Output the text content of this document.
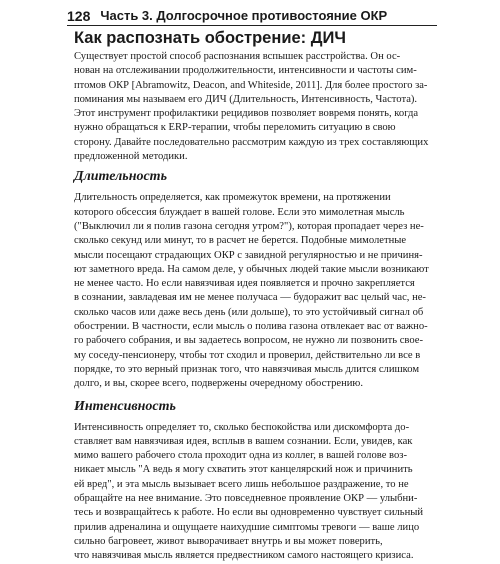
128 Часть 3. Долгосрочное противостояние ОКР
Как распознать обострение: ДИЧ

Существует простой способ распознания вспышек расстройства. Он ос-

нован на отслеживании продолжительности, интенсивности и частоты сим-

птомов ОКР [Abramowitz, Deacon, and Whiteside, 2011]. Для более простого за-

поминания мы называем его ДИЧ (Длительность, Интенсивность, Частота).

Этот инструмент профилактики рецидивов позволяет вовремя понять, когда

нужно обращаться к ERP-терапии, чтобы переломить ситуацию в свою

сторону. Давайте последовательно рассмотрим каждую из трех составляющих

предложенной методики.

Длительность

Длительность определяется, как промежуток времени, на протяжении

которого обсессия блуждает в вашей голове. Если это мимолетная мысль

("Выключил ли я полив газона сегодня утром?"), которая пропадает через не-

сколько секунд или минут, то в расчет не берется. Подобные мимолетные

мысли посещают страдающих ОКР с завидной регулярностью и не причиня-

ют заметного вреда. На самом деле, у обычных людей такие мысли возникают

не менее часто. Но если навязчивая идея появляется и прочно закрепляется

в сознании, завладевая им не менее получаса — будоражит вас целый час, не-

сколько часов или даже весь день (или дольше), то это устойчивый сигнал об

обострении. В частности, если мысль о полива газона отвлекает вас от важно-

го рабочего собрания, и вы задаетесь вопросом, не нужно ли позвонить свое-

му соседу-пенсионеру, чтобы тот сходил и проверил, действительно ли все в

порядке, то это верный признак того, что навязчивая мысль длится слишком

долго, и вы, скорее всего, подвержены очередному обострению.

Интенсивность

Интенсивность определяет то, сколько беспокойства или дискомфорта до-

ставляет вам навязчивая идея, всплыв в вашем сознании. Если, увидев, как

мимо вашего рабочего стола проходит одна из коллег, в вашей голове воз-

никает мысль "А ведь я могу схватить этот канцелярский нож и причинить

ей вред", и эта мысль вызывает всего лишь небольшое раздражение, то не

обращайте на нее внимание. Это повседневное проявление ОКР — улыбни-

тесь и возвращайтесь к работе. Но если вы одновременно чувствует сильный

прилив адреналина и ощущаете наихудшие симптомы тревоги — ваше лицо

сильно багровеет, живот выворачивает внутрь и вы может поверить,

что навязчивая мысль является предвестником самого настоящего кризиса.
